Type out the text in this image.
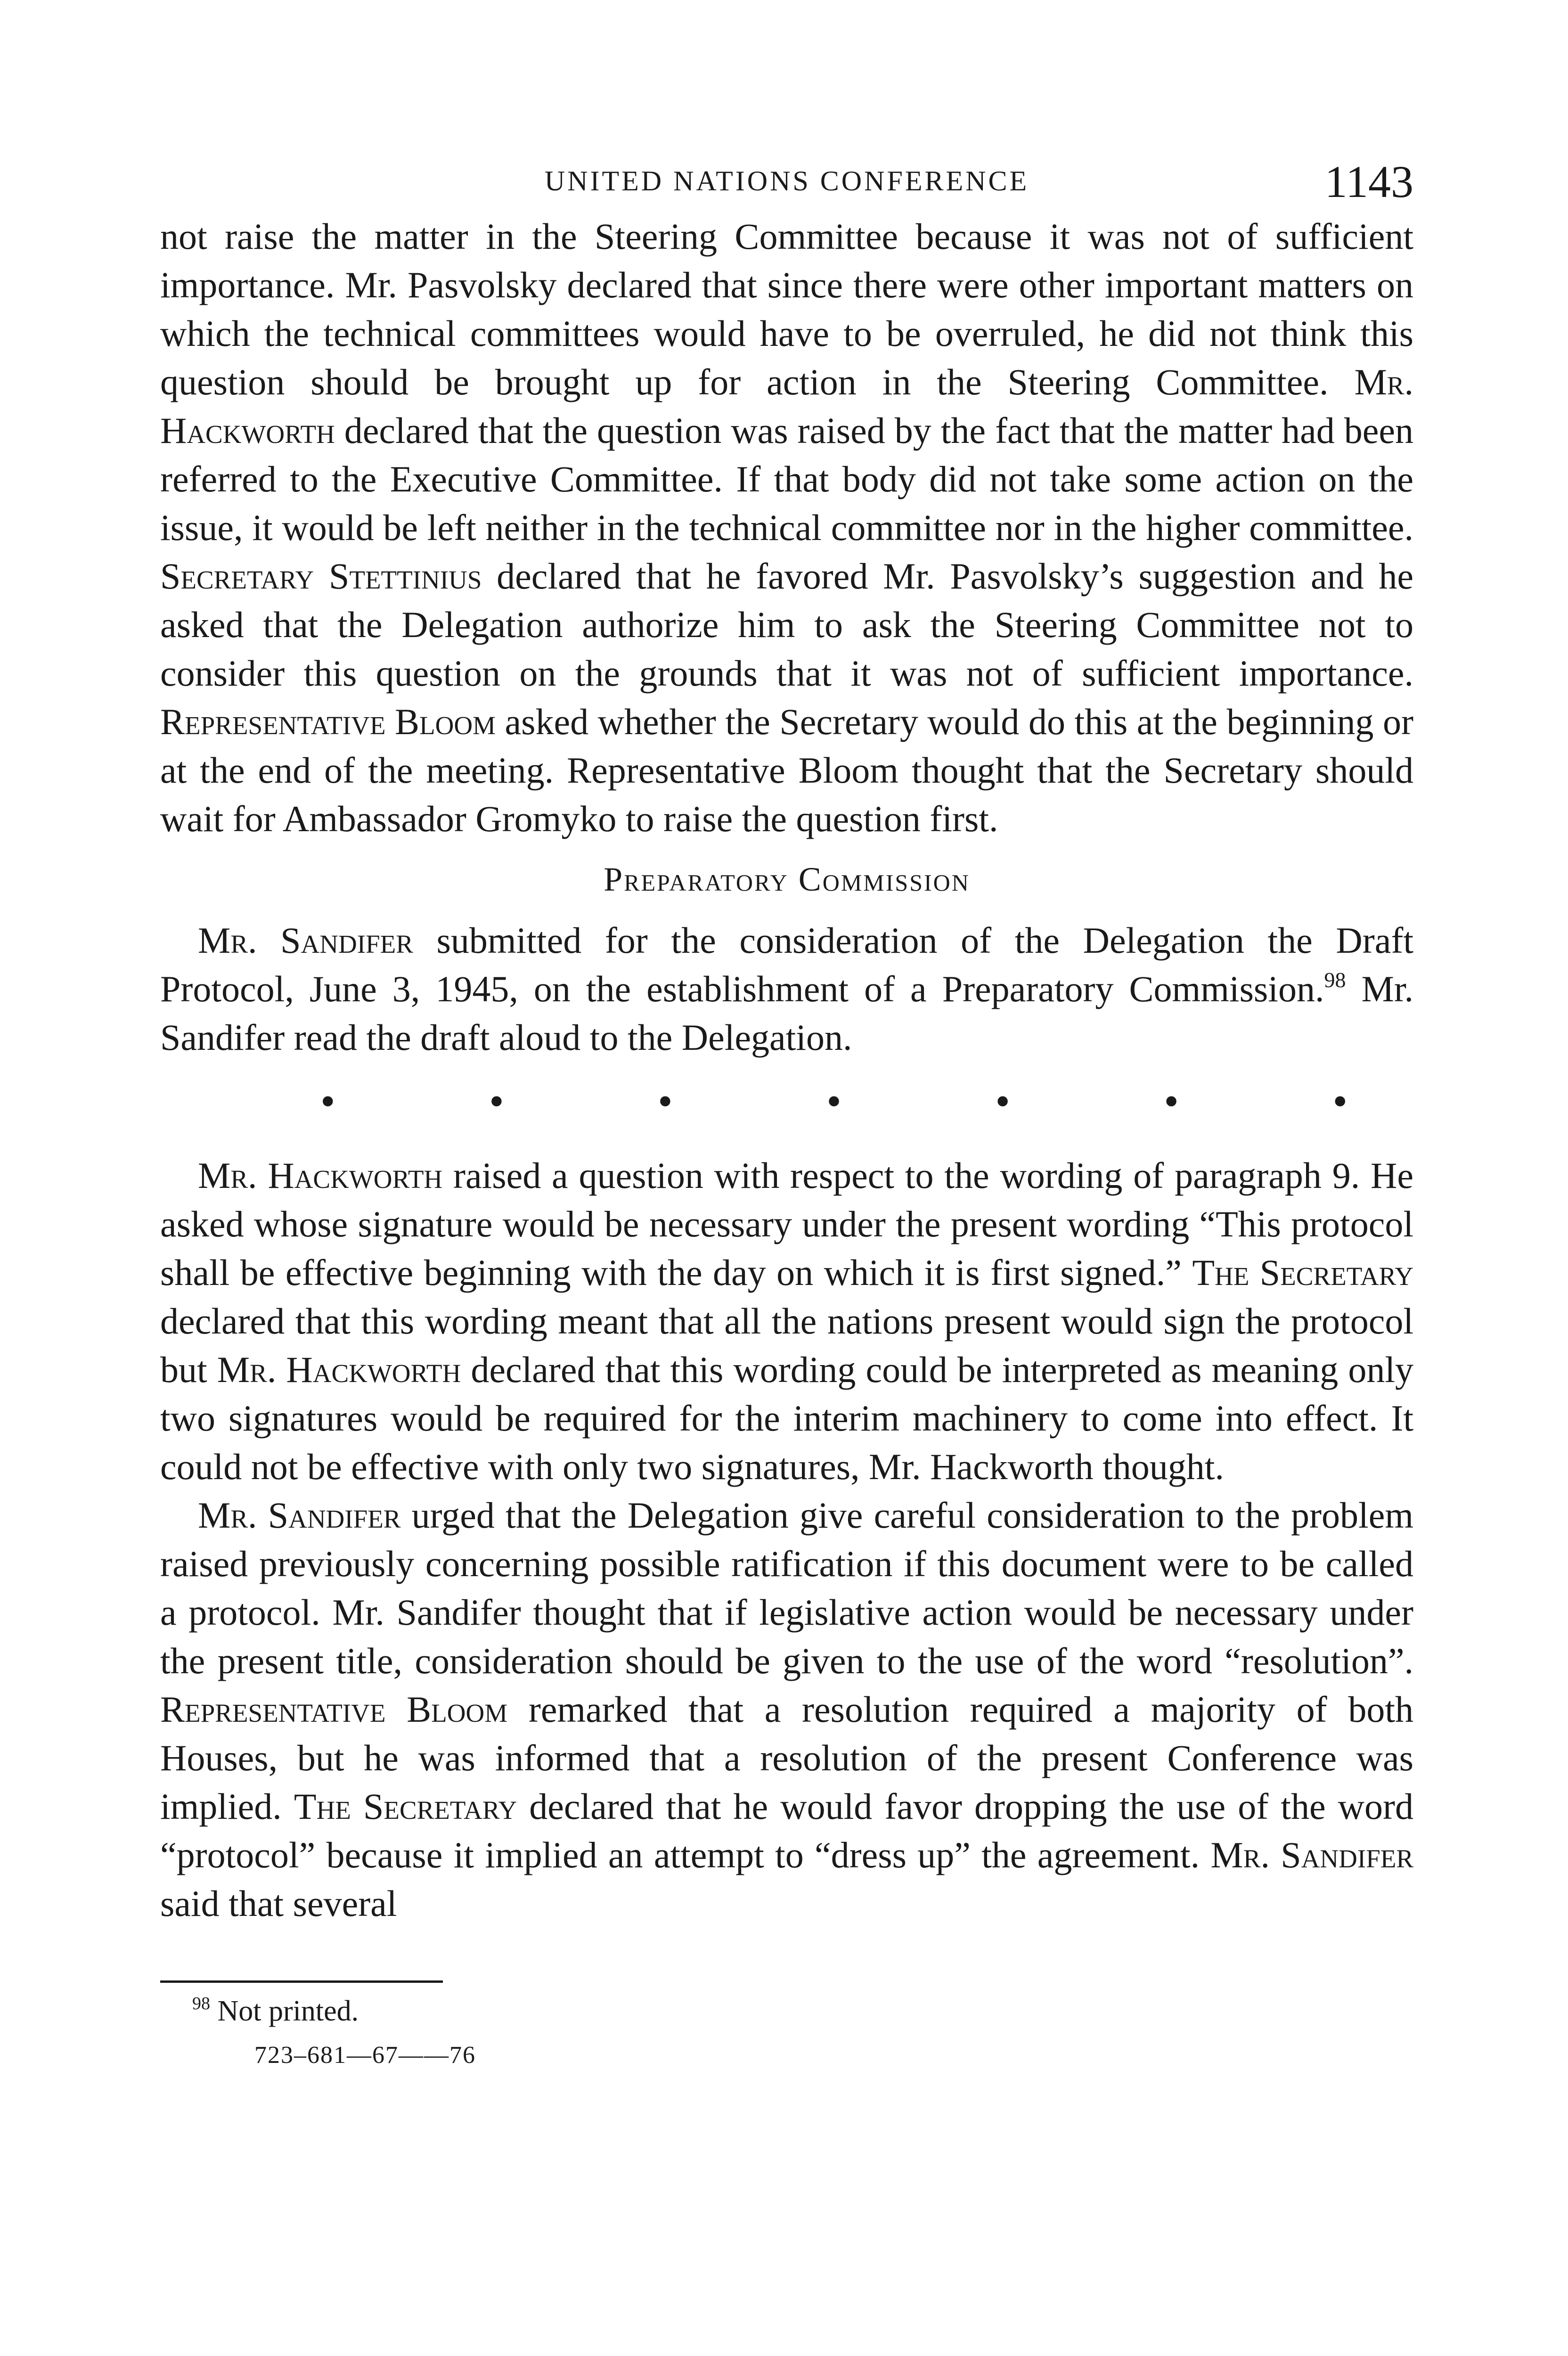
UNITED NATIONS CONFERENCE	1143

not raise the matter in the Steering Committee because it was not of sufficient importance. Mr. Pasvolsky declared that since there were other important matters on which the technical committees would have to be overruled, he did not think this question should be brought up for action in the Steering Committee. Mr. Hackworth declared that the question was raised by the fact that the matter had been referred to the Executive Committee. If that body did not take some action on the issue, it would be left neither in the technical committee nor in the higher committee. Secretary Stettinius declared that he favored Mr. Pasvolsky’s suggestion and he asked that the Delegation authorize him to ask the Steering Committee not to consider this question on the grounds that it was not of sufficient importance. Representative Bloom asked whether the Secretary would do this at the beginning or at the end of the meeting. Representative Bloom thought that the Secretary should wait for Ambassador Gromyko to raise the question first.

Preparatory Commission

Mr. Sandifer submitted for the consideration of the Delegation the Draft Protocol, June 3, 1945, on the establishment of a Preparatory Commission.$^{98}$ Mr. Sandifer read the draft aloud to the Delegation.

•	•	•	•	•	•	•

Mr. Hackworth raised a question with respect to the wording of paragraph 9. He asked whose signature would be necessary under the present wording “This protocol shall be effective beginning with the day on which it is first signed.” The Secretary declared that this wording meant that all the nations present would sign the protocol but Mr. Hackworth declared that this wording could be interpreted as meaning only two signatures would be required for the interim machinery to come into effect. It could not be effective with only two signatures, Mr. Hackworth thought.

Mr. Sandifer urged that the Delegation give careful consideration to the problem raised previously concerning possible ratification if this document were to be called a protocol. Mr. Sandifer thought that if legislative action would be necessary under the present title, consideration should be given to the use of the word “resolution”. Representative Bloom remarked that a resolution required a majority of both Houses, but he was informed that a resolution of the present Conference was implied. The Secretary declared that he would favor dropping the use of the word “protocol” because it implied an attempt to “dress up” the agreement. Mr. Sandifer said that several

$^{98}$ Not printed.
723–681—67——76
